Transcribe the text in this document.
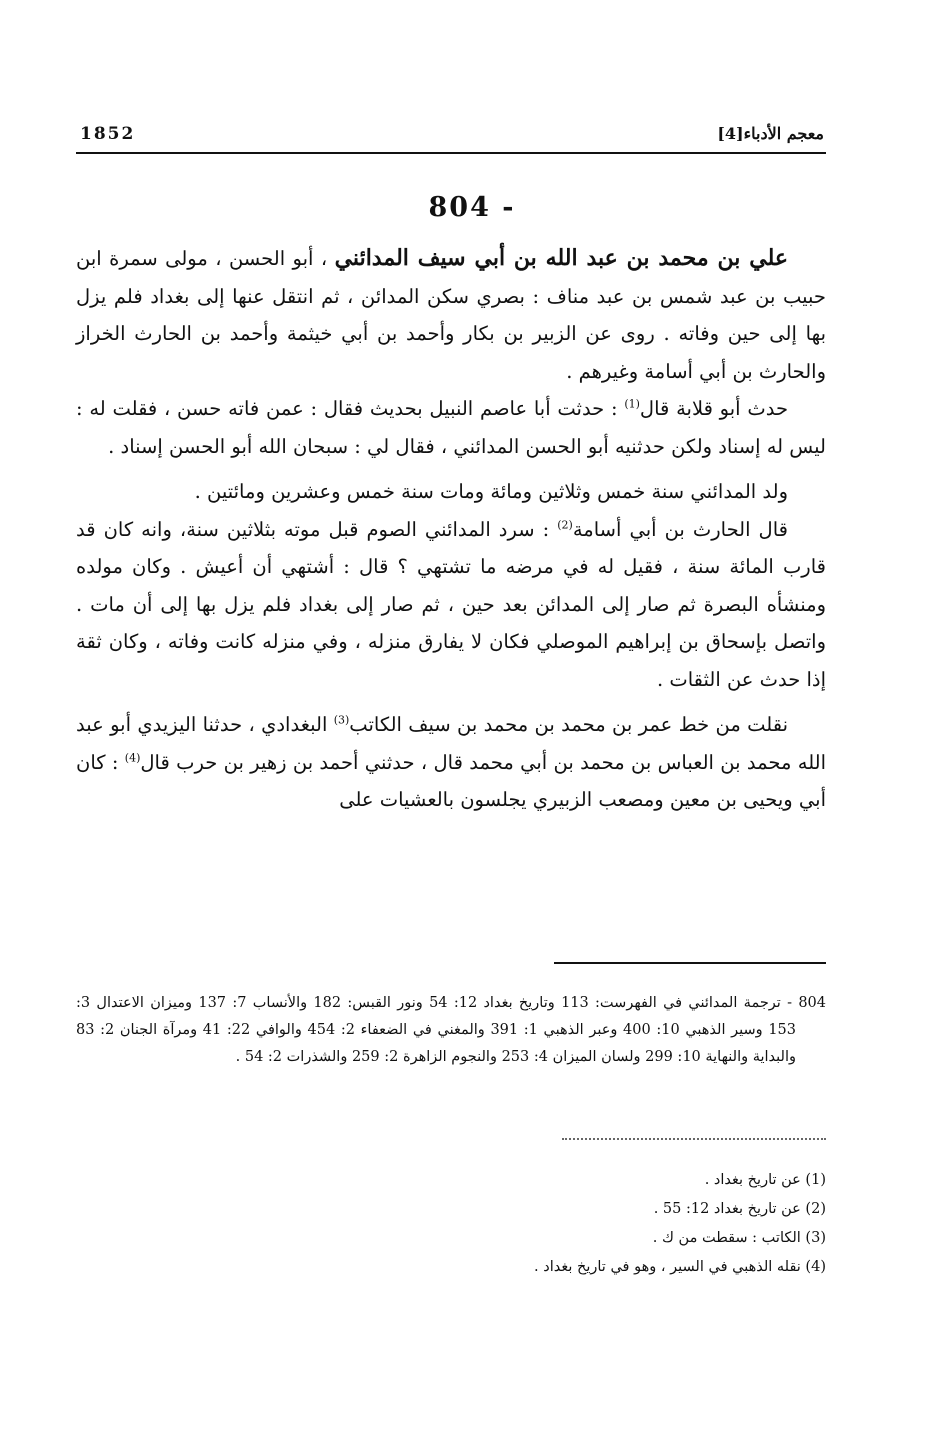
معجم الأدباء[4]
1852
804 -

علي بن محمد بن عبد الله بن أبي سيف المدائني ، أبو الحسن ، مولى سمرة ابن حبيب بن عبد شمس بن عبد مناف : بصري سكن المدائن ، ثم انتقل عنها إلى بغداد فلم يزل بها إلى حين وفاته . روى عن الزبير بن بكار وأحمد بن أبي خيثمة وأحمد بن الحارث الخراز والحارث بن أبي أسامة وغيرهم .

حدث أبو قلابة قال$^{(1)}$ : حدثت أبا عاصم النبيل بحديث فقال : عمن فاته حسن ، فقلت له : ليس له إسناد ولكن حدثنيه أبو الحسن المدائني ، فقال لي : سبحان الله أبو الحسن إسناد .

ولد المدائني سنة خمس وثلاثين ومائة ومات سنة خمس وعشرين ومائتين .

قال الحارث بن أبي أسامة$^{(2)}$ : سرد المدائني الصوم قبل موته بثلاثين سنة، وانه كان قد قارب المائة سنة ، فقيل له في مرضه ما تشتهي ؟ قال : أشتهي أن أعيش . وكان مولده ومنشأه البصرة ثم صار إلى المدائن بعد حين ، ثم صار إلى بغداد فلم يزل بها إلى أن مات . واتصل بإسحاق بن إبراهيم الموصلي فكان لا يفارق منزله ، وفي منزله كانت وفاته ، وكان ثقة إذا حدث عن الثقات .

نقلت من خط عمر بن محمد بن محمد بن سيف الكاتب$^{(3)}$ البغدادي ، حدثنا اليزيدي أبو عبد الله محمد بن العباس بن محمد بن أبي محمد قال ، حدثني أحمد بن زهير بن حرب قال$^{(4)}$ : كان أبي ويحيى بن معين ومصعب الزبيري يجلسون بالعشيات على

804 - ترجمة المدائني في الفهرست: 113 وتاريخ بغداد 12: 54 ونور القبس: 182 والأنساب 7: 137 وميزان الاعتدال 3: 153 وسير الذهبي 10: 400 وعبر الذهبي 1: 391 والمغني في الضعفاء 2: 454 والوافي 22: 41 ومرآة الجنان 2: 83 والبداية والنهاية 10: 299 ولسان الميزان 4: 253 والنجوم الزاهرة 2: 259 والشذرات 2: 54 .

(1) عن تاريخ بغداد .

(2) عن تاريخ بغداد 12: 55 .

(3) الكاتب : سقطت من ك .

(4) نقله الذهبي في السير ، وهو في تاريخ بغداد .
